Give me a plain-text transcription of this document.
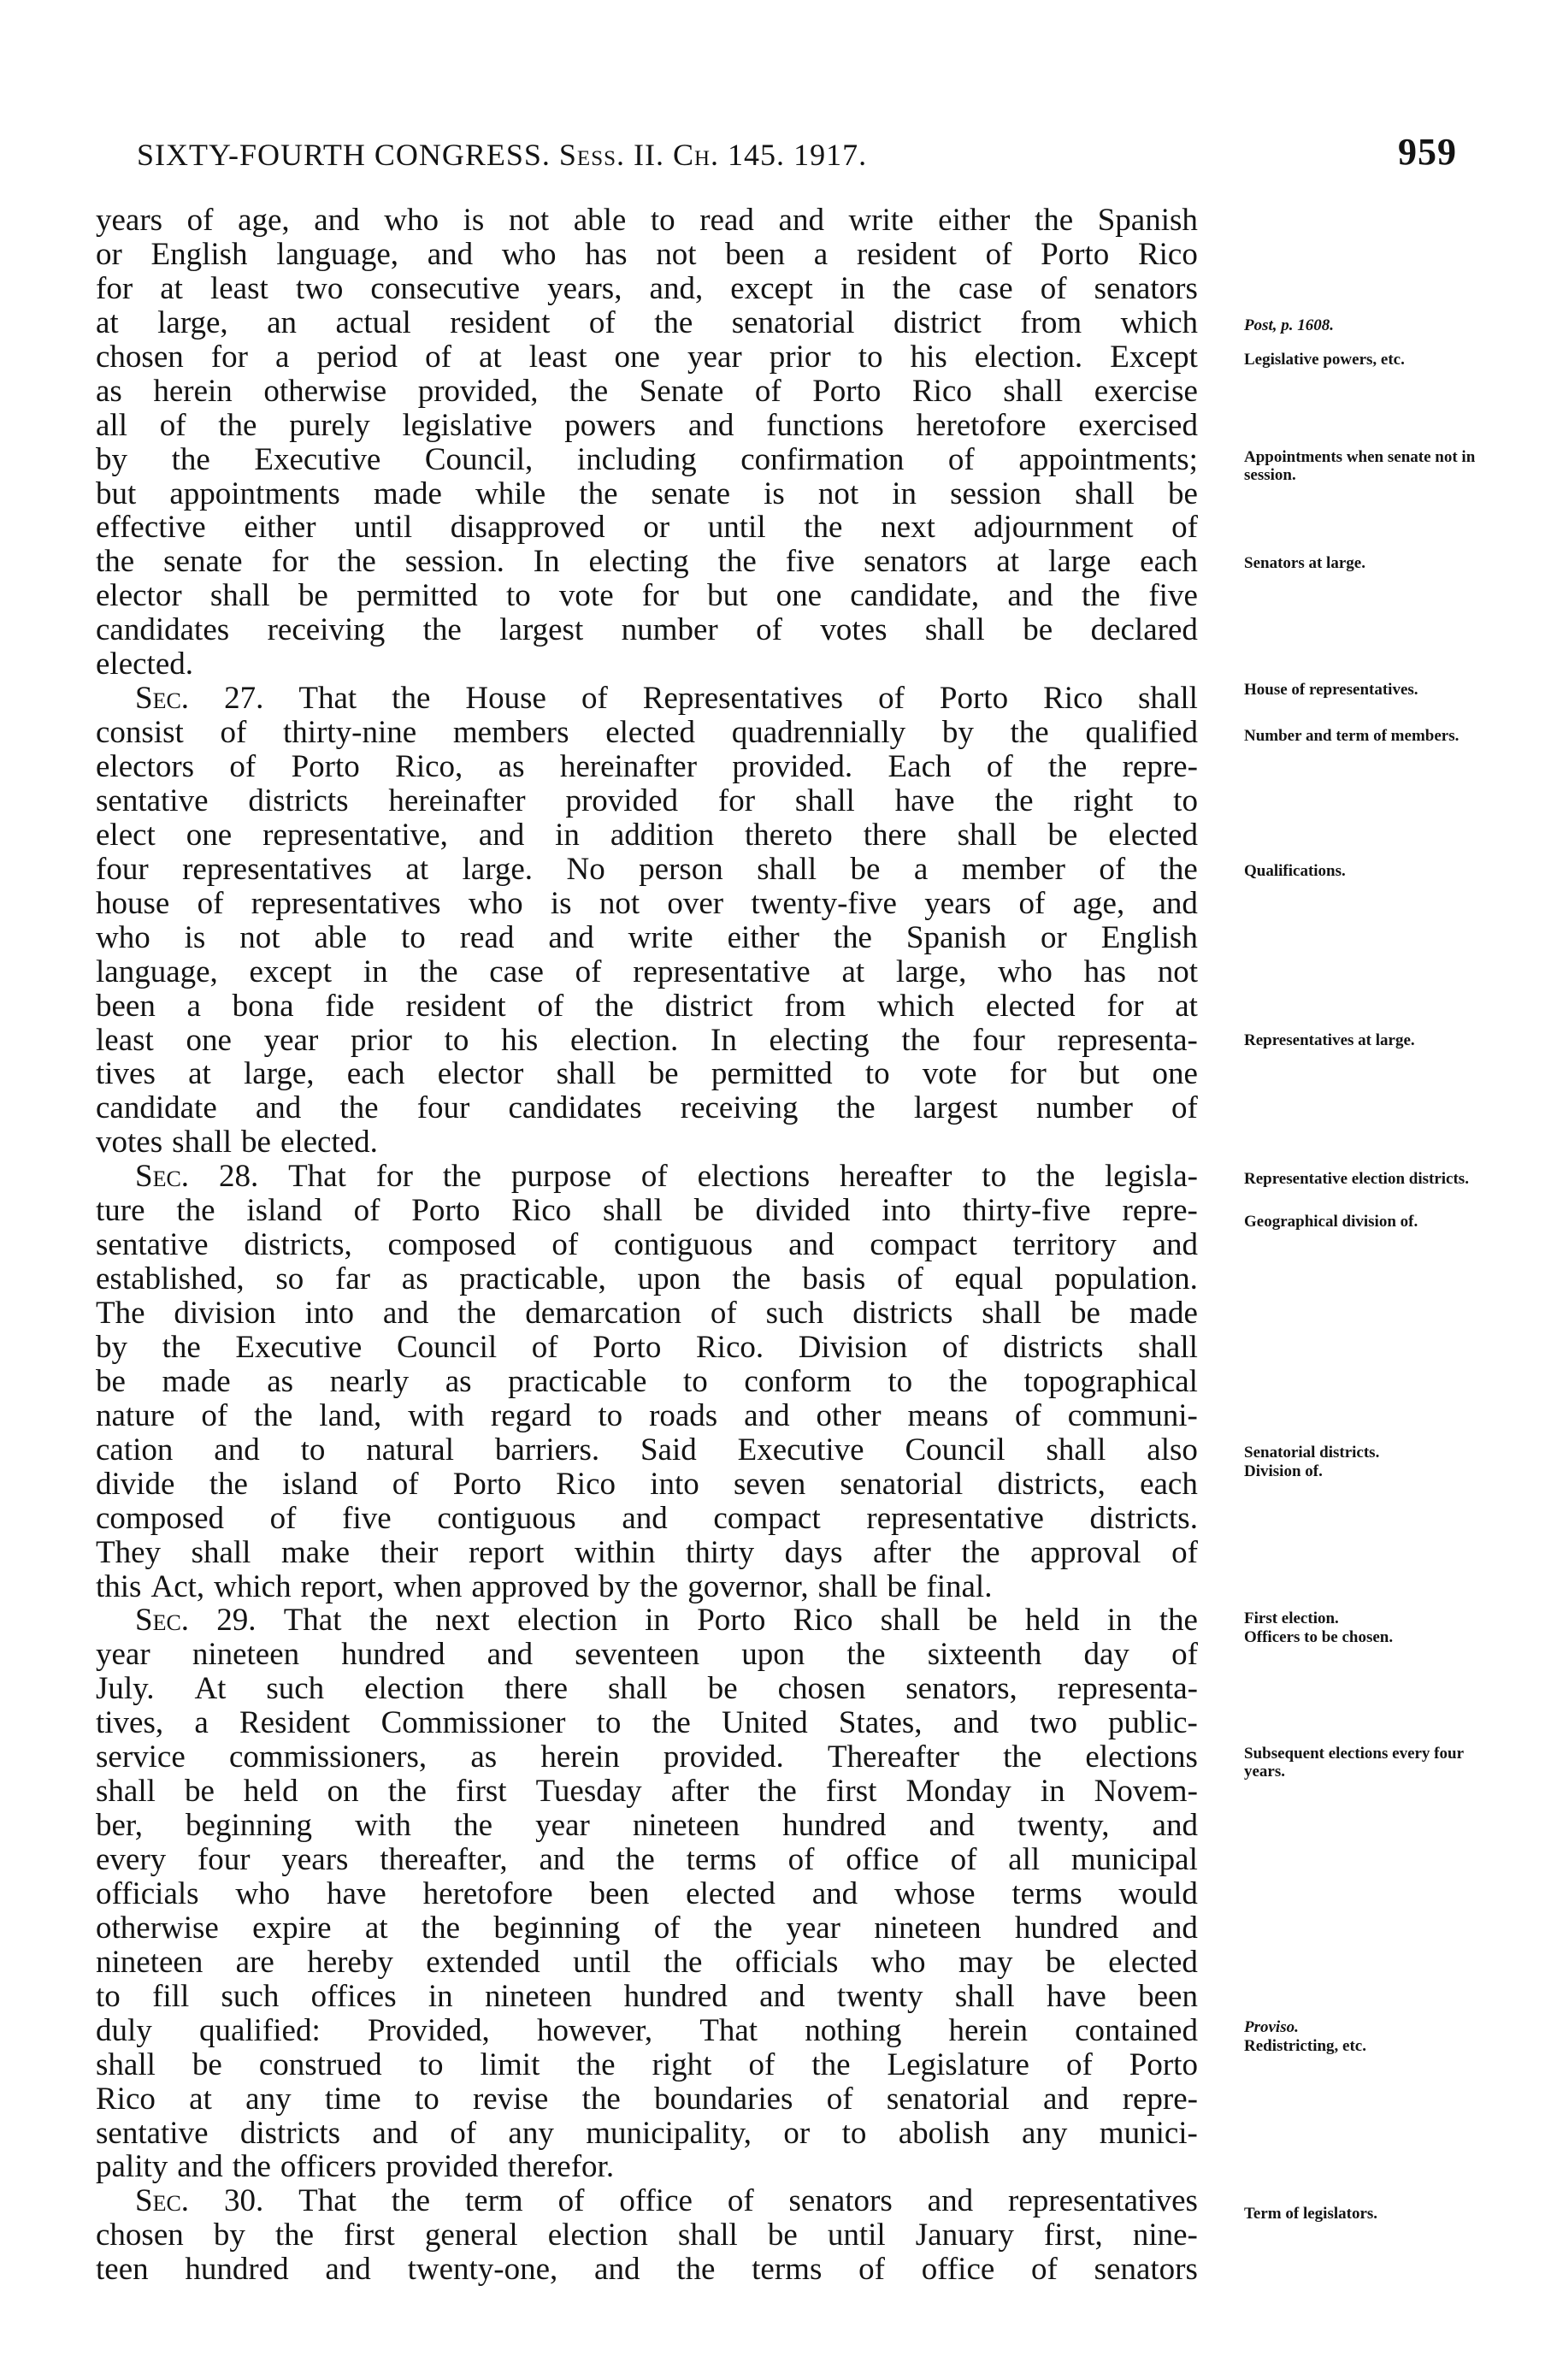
SIXTY-FOURTH CONGRESS. Sess. II. Ch. 145. 1917.	959
years of age, and who is not able to read and write either the Spanish
or English language, and who has not been a resident of Porto Rico
for at least two consecutive years, and, except in the case of senators
at large, an actual resident of the senatorial district from which
chosen for a period of at least one year prior to his election. Except
as herein otherwise provided, the Senate of Porto Rico shall exercise
all of the purely legislative powers and functions heretofore exercised
by the Executive Council, including confirmation of appointments;
but appointments made while the senate is not in session shall be
effective either until disapproved or until the next adjournment of
the senate for the session. In electing the five senators at large each
elector shall be permitted to vote for but one candidate, and the five
candidates receiving the largest number of votes shall be declared
elected.
Sec. 27. That the House of Representatives of Porto Rico shall
consist of thirty-nine members elected quadrennially by the qualified
electors of Porto Rico, as hereinafter provided. Each of the repre-
sentative districts hereinafter provided for shall have the right to
elect one representative, and in addition thereto there shall be elected
four representatives at large. No person shall be a member of the
house of representatives who is not over twenty-five years of age, and
who is not able to read and write either the Spanish or English
language, except in the case of representative at large, who has not
been a bona fide resident of the district from which elected for at
least one year prior to his election. In electing the four representa-
tives at large, each elector shall be permitted to vote for but one
candidate and the four candidates receiving the largest number of
votes shall be elected.
Sec. 28. That for the purpose of elections hereafter to the legisla-
ture the island of Porto Rico shall be divided into thirty-five repre-
sentative districts, composed of contiguous and compact territory and
established, so far as practicable, upon the basis of equal population.
The division into and the demarcation of such districts shall be made
by the Executive Council of Porto Rico. Division of districts shall
be made as nearly as practicable to conform to the topographical
nature of the land, with regard to roads and other means of communi-
cation and to natural barriers. Said Executive Council shall also
divide the island of Porto Rico into seven senatorial districts, each
composed of five contiguous and compact representative districts.
They shall make their report within thirty days after the approval of
this Act, which report, when approved by the governor, shall be final.
Sec. 29. That the next election in Porto Rico shall be held in the
year nineteen hundred and seventeen upon the sixteenth day of
July. At such election there shall be chosen senators, representa-
tives, a Resident Commissioner to the United States, and two public-
service commissioners, as herein provided. Thereafter the elections
shall be held on the first Tuesday after the first Monday in Novem-
ber, beginning with the year nineteen hundred and twenty, and
every four years thereafter, and the terms of office of all municipal
officials who have heretofore been elected and whose terms would
otherwise expire at the beginning of the year nineteen hundred and
nineteen are hereby extended until the officials who may be elected
to fill such offices in nineteen hundred and twenty shall have been
duly qualified: Provided, however, That nothing herein contained
shall be construed to limit the right of the Legislature of Porto
Rico at any time to revise the boundaries of senatorial and repre-
sentative districts and of any municipality, or to abolish any munici-
pality and the officers provided therefor.
Sec. 30. That the term of office of senators and representatives
chosen by the first general election shall be until January first, nine-
teen hundred and twenty-one, and the terms of office of senators
Post, p. 1608.
Legislative powers, etc.
Appointments when senate not in session.
Senators at large.
House of representatives.
Number and term of members.
Qualifications.
Representatives at large.
Representative election districts.
Geographical division of.
Senatorial districts.
Division of.
First election.
Officers to be chosen.
Subsequent elections every four years.
Proviso.
Redistricting, etc.
Term of legislators.
